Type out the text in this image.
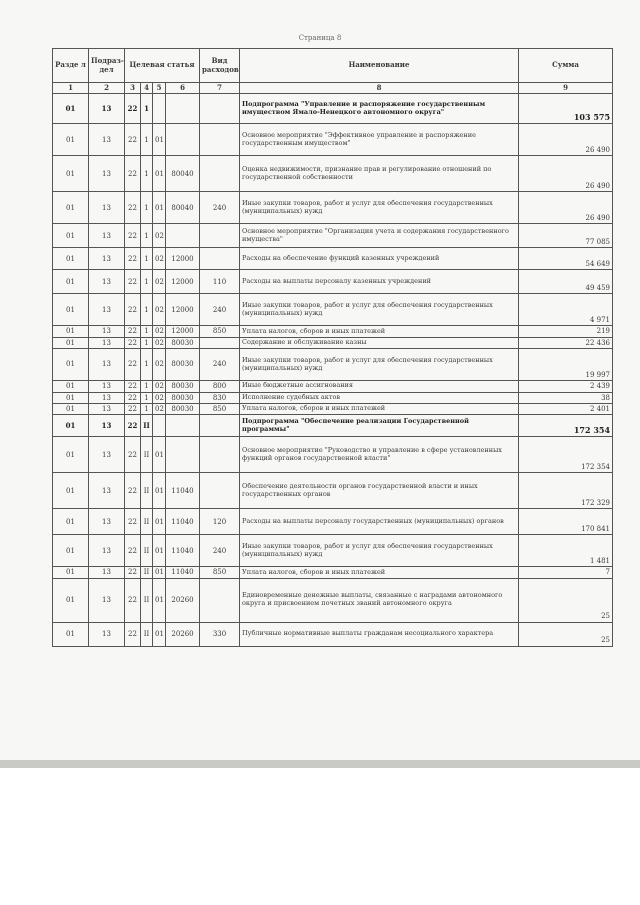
Страница 8
Разде л	Подраз- дел	Целевая статья				Вид расходов	Наименование	Сумма
1	2	3	4	5	6	7	8	9
01	13	22	1				Подпрограмма "Управление и распоряжение государственным имуществом Ямало-Ненецкого автономного округа"	103 575
01	13	22	1	01			Основное мероприятие "Эффективное управление и распоряжение государственным имуществом"	26 490
01	13	22	1	01	80040		Оценка недвижимости, признание прав и регулирование отношений по государственной собственности	26 490
01	13	22	1	01	80040	240	Иные закупки товаров, работ и услуг для обеспечения государственных (муниципальных) нужд	26 490
01	13	22	1	02			Основное мероприятие "Организация учета и содержания государственного имущества"	77 085
01	13	22	1	02	12000		Расходы на обеспечение функций казенных учреждений	54 649
01	13	22	1	02	12000	110	Расходы на выплаты персоналу казенных учреждений	49 459
01	13	22	1	02	12000	240	Иные закупки товаров, работ и услуг для обеспечения государственных (муниципальных) нужд	4 971
01	13	22	1	02	12000	850	Уплата налогов, сборов и иных платежей	219
01	13	22	1	02	80030		Содержание и обслуживание казны	22 436
01	13	22	1	02	80030	240	Иные закупки товаров, работ и услуг для обеспечения государственных (муниципальных) нужд	19 997
01	13	22	1	02	80030	800	Иные бюджетные ассигнования	2 439
01	13	22	1	02	80030	830	Исполнение судебных актов	38
01	13	22	1	02	80030	850	Уплата налогов, сборов и иных платежей	2 401
01	13	22	II				Подпрограмма "Обеспечение реализации Государственной программы"	172 354
01	13	22	II	01			Основное мероприятие "Руководство и управление в сфере установленных функций органов государственной власти"	172 354
01	13	22	II	01	11040		Обеспечение деятельности органов государственной власти и иных государственных органов	172 329
01	13	22	II	01	11040	120	Расходы на выплаты персоналу государственных (муниципальных) органов	170 841
01	13	22	II	01	11040	240	Иные закупки товаров, работ и услуг для обеспечения государственных (муниципальных) нужд	1 481
01	13	22	II	01	11040	850	Уплата налогов, сборов и иных платежей	7
01	13	22	II	01	20260		Единовременные денежные выплаты, связанные с наградами автономного округа и присвоением почетных званий автономного округа	25
01	13	22	II	01	20260	330	Публичные нормативные выплаты гражданам несоциального характера	25
